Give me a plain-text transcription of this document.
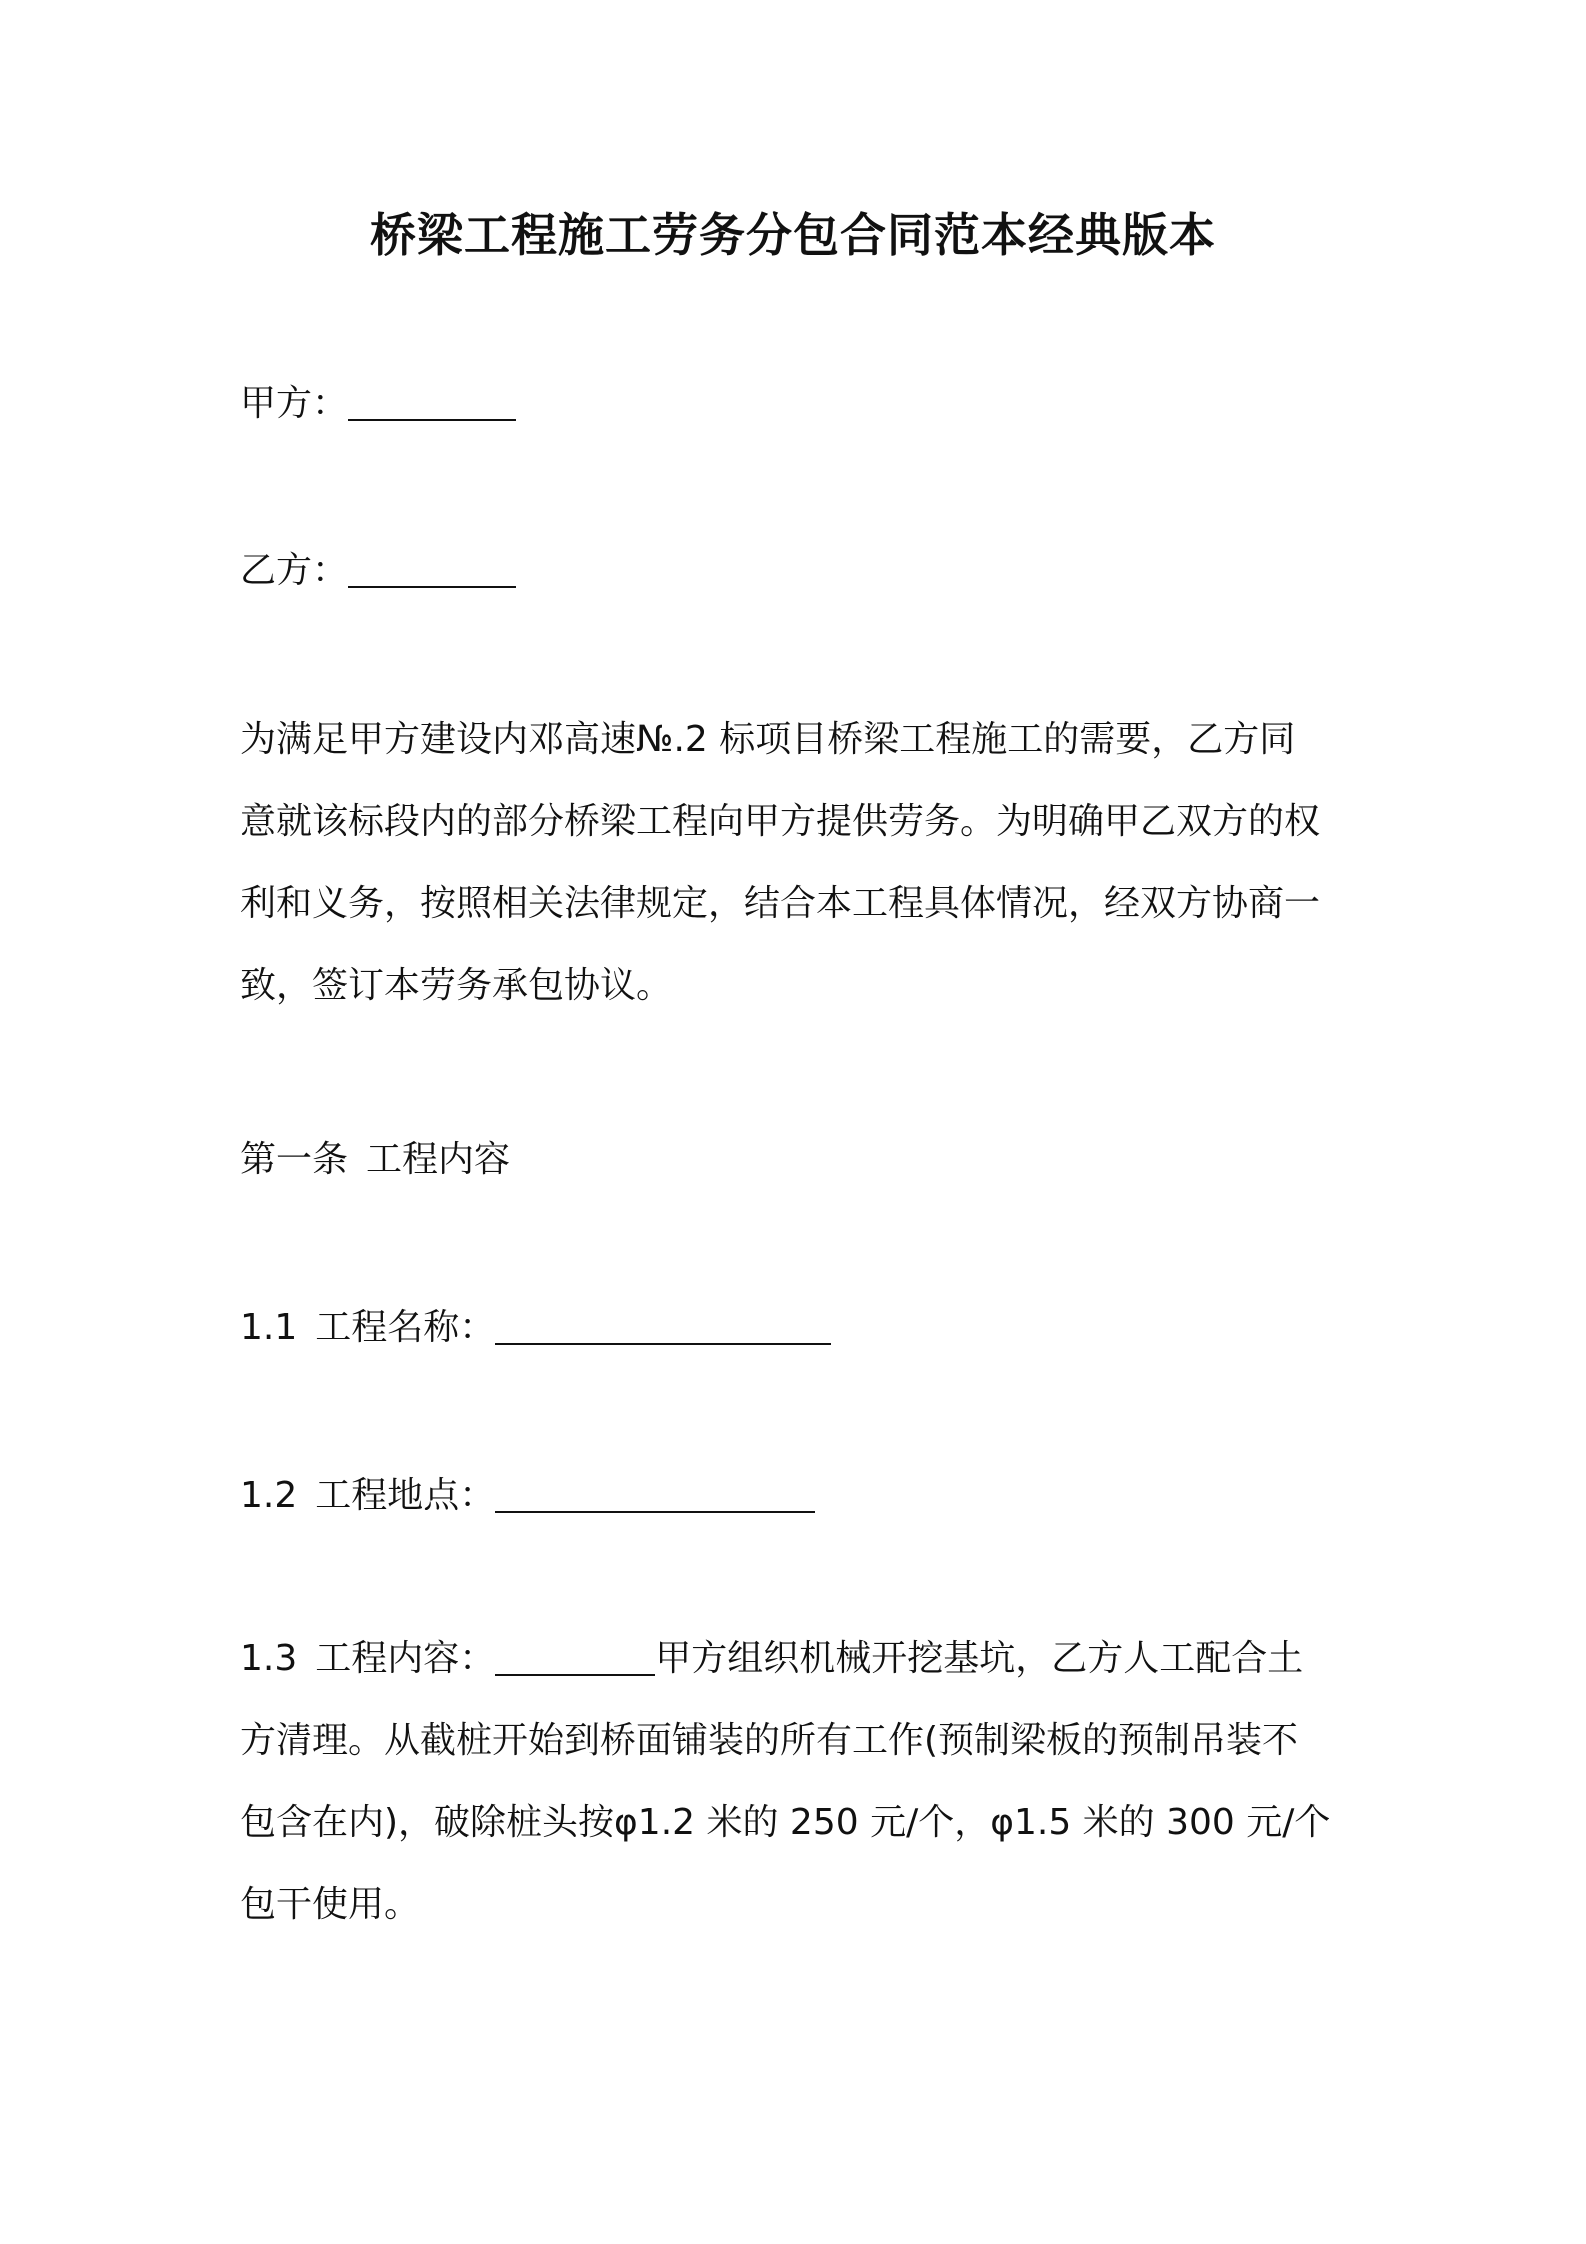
桥梁工程施工劳务分包合同范本经典版本
甲方：
乙方：
为满足甲方建设内邓高速№.2 标项目桥梁工程施工的需要，乙方同
意就该标段内的部分桥梁工程向甲方提供劳务。为明确甲乙双方的权
利和义务，按照相关法律规定，结合本工程具体情况，经双方协商一
致，签订本劳务承包协议。
第一条 工程内容
1.1 工程名称：
1.2 工程地点：
1.3 工程内容：	甲方组织机械开挖基坑，乙方人工配合土
方清理。从截桩开始到桥面铺装的所有工作(预制梁板的预制吊装不
包含在内)，破除桩头按φ1.2 米的 250 元/个，φ1.5 米的 300 元/个
包干使用。
